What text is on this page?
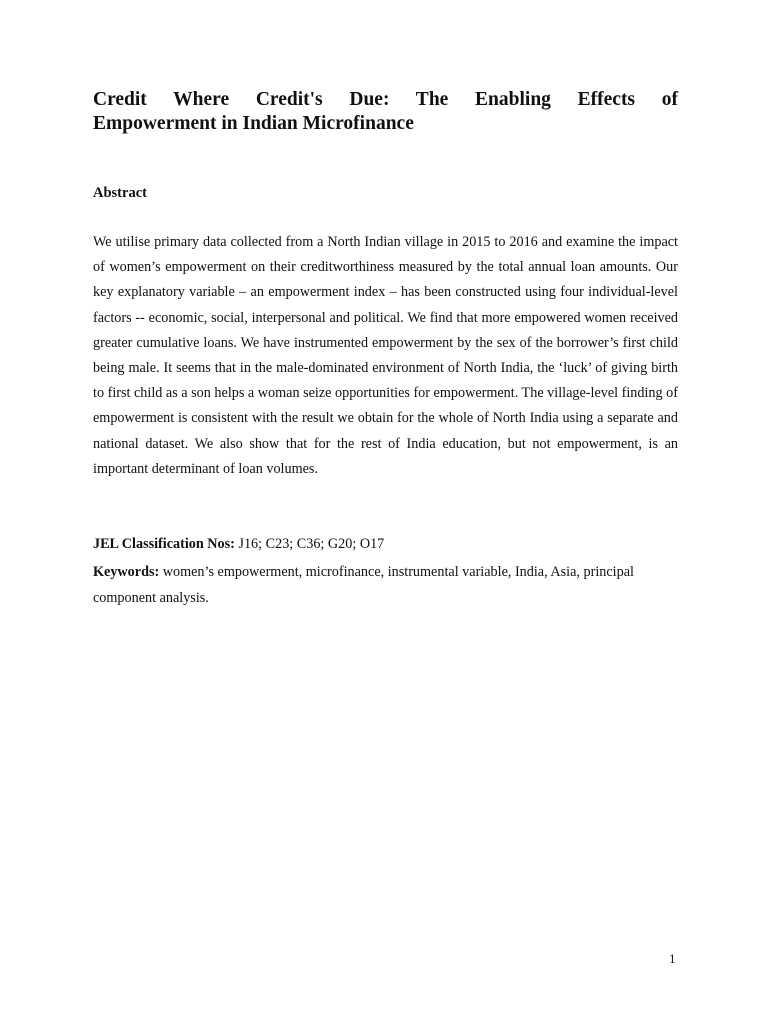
Credit Where Credit's Due: The Enabling Effects of
Empowerment in Indian Microfinance
Abstract

We utilise primary data collected from a North Indian village in 2015 to 2016 and examine the impact of women’s empowerment on their creditworthiness measured by the total annual loan amounts. Our key explanatory variable – an empowerment index – has been constructed using four individual-level factors -- economic, social, interpersonal and political. We find that more empowered women received greater cumulative loans. We have instrumented empowerment by the sex of the borrower’s first child being male. It seems that in the male-dominated environment of North India, the ‘luck’ of giving birth to first child as a son helps a woman seize opportunities for empowerment. The village-level finding of empowerment is consistent with the result we obtain for the whole of North India using a separate and national dataset. We also show that for the rest of India education, but not empowerment, is an important determinant of loan volumes.

JEL Classification Nos: J16; C23; C36; G20; O17

Keywords: women’s empowerment, microfinance, instrumental variable, India, Asia, principal component analysis.

1
